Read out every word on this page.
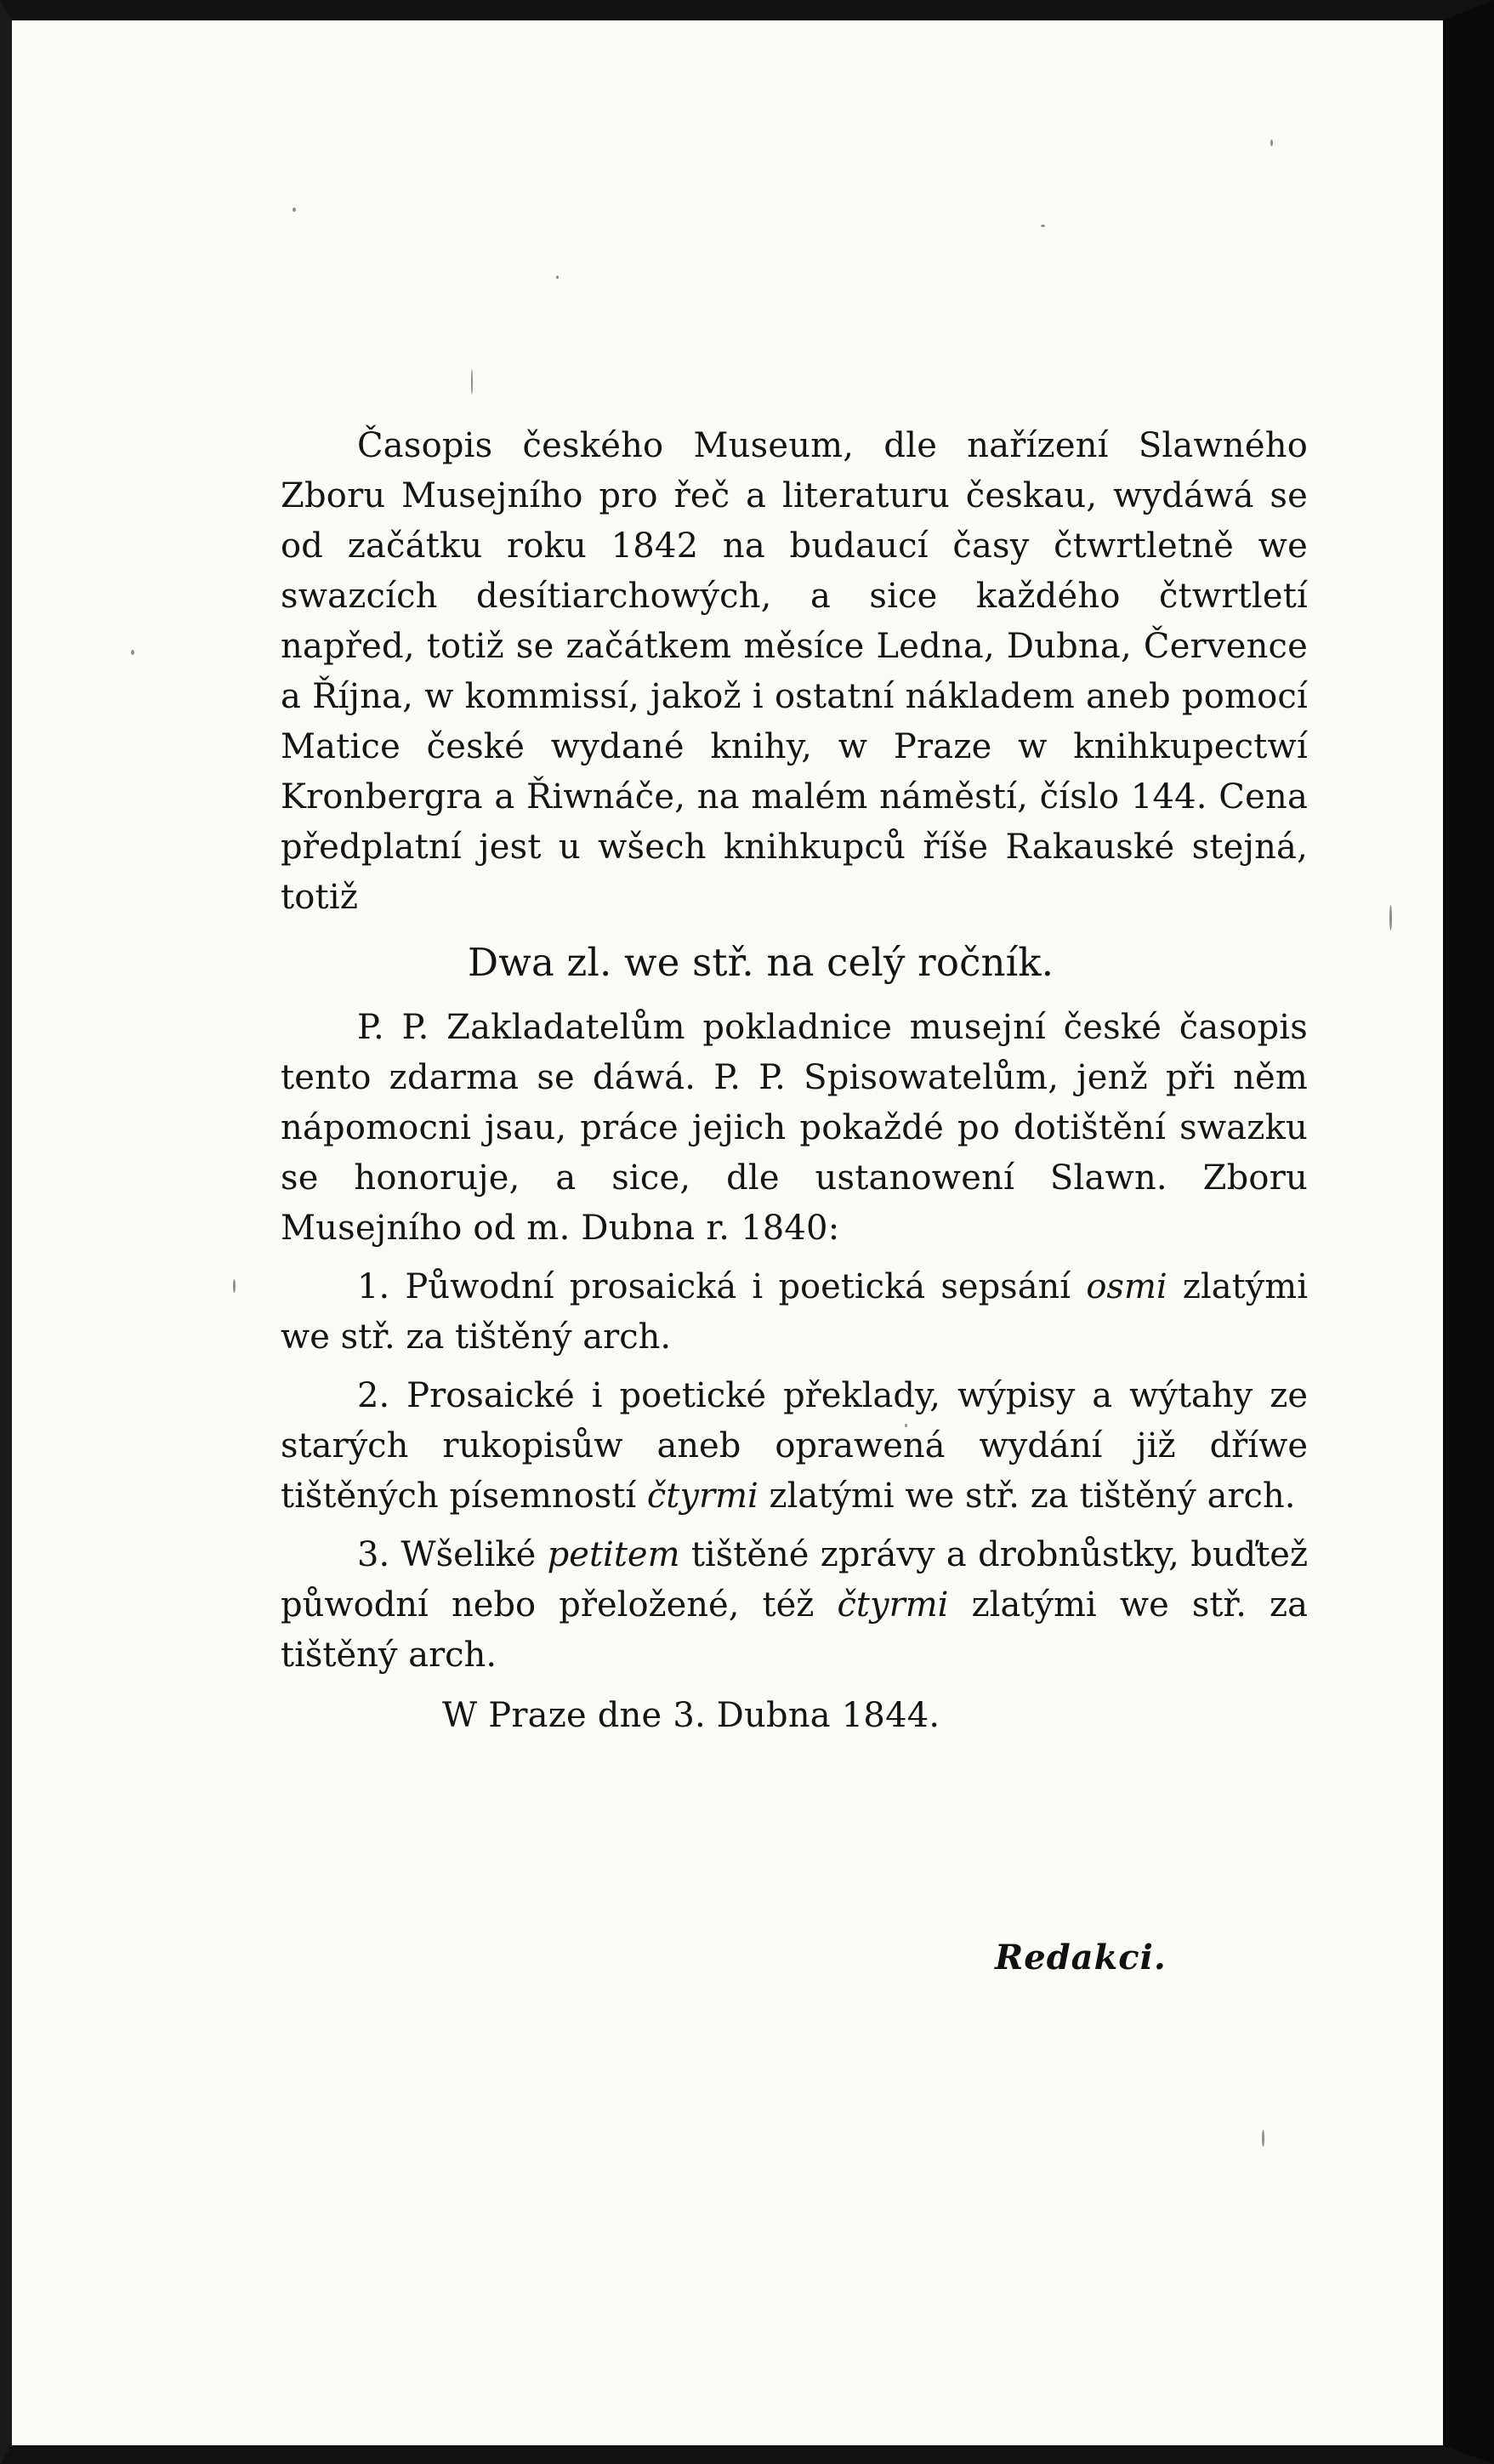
Časopis českého Museum, dle nařízení Slawného Zboru Musejního pro řeč a literaturu českau, wydáwá se od začátku roku 1842 na budaucí časy čtwrtletně we swazcích desítiarchowých, a sice každého čtwrtletí napřed, totiž se začátkem měsíce Ledna, Dubna, Července a Října, w kommissí, jakož i ostatní nákladem aneb pomocí Matice české wydané knihy, w Praze w knihkupectwí Kronbergra a Řiwnáče, na malém náměstí, číslo 144. Cena předplatní jest u wšech knihkupců říše Rakauské stejná, totiž

Dwa zl. we stř. na celý ročník.

P. P. Zakladatelům pokladnice musejní české časopis tento zdarma se dáwá. P. P. Spisowatelům, jenž při něm nápomocni jsau, práce jejich pokaždé po dotištění swazku se honoruje, a sice, dle ustanowení Slawn. Zboru Musejního od m. Dubna r. 1840:

1. Půwodní prosaická i poetická sepsání osmi zlatými we stř. za tištěný arch.

2. Prosaické i poetické překlady, wýpisy a wýtahy ze starých rukopisůw aneb oprawená wydání již dříwe tištěných písemností čtyrmi zlatými we stř. za tištěný arch.

3. Wšeliké petitem tištěné zprávy a drobnůstky, buďtež půwodní nebo přeložené, též čtyrmi zlatými we stř. za tištěný arch.

W Praze dne 3. Dubna 1844.

Redakci.
